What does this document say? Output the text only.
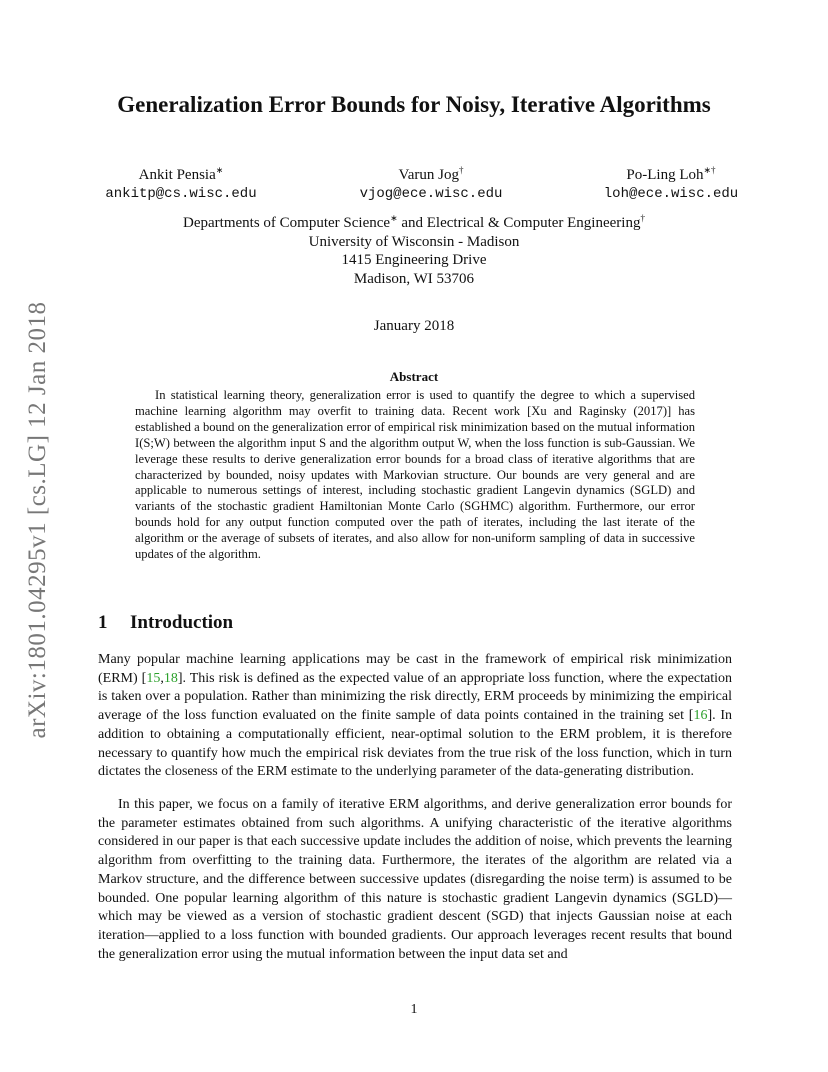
arXiv:1801.04295v1 [cs.LG] 12 Jan 2018
Generalization Error Bounds for Noisy, Iterative Algorithms
Ankit Pensia∗
ankitp@cs.wisc.edu
Varun Jog†
vjog@ece.wisc.edu
Po-Ling Loh∗†
loh@ece.wisc.edu
Departments of Computer Science∗ and Electrical & Computer Engineering†
University of Wisconsin - Madison
1415 Engineering Drive
Madison, WI 53706
January 2018
Abstract

In statistical learning theory, generalization error is used to quantify the degree to which a supervised machine learning algorithm may overfit to training data. Recent work [Xu and Raginsky (2017)] has established a bound on the generalization error of empirical risk minimization based on the mutual information I(S;W) between the algorithm input S and the algorithm output W, when the loss function is sub-Gaussian. We leverage these results to derive generalization error bounds for a broad class of iterative algorithms that are characterized by bounded, noisy updates with Markovian structure. Our bounds are very general and are applicable to numerous settings of interest, including stochastic gradient Langevin dynamics (SGLD) and variants of the stochastic gradient Hamiltonian Monte Carlo (SGHMC) algorithm. Furthermore, our error bounds hold for any output function computed over the path of iterates, including the last iterate of the algorithm or the average of subsets of iterates, and also allow for non-uniform sampling of data in successive updates of the algorithm.

1 Introduction

Many popular machine learning applications may be cast in the framework of empirical risk minimization (ERM) [15,18]. This risk is defined as the expected value of an appropriate loss function, where the expectation is taken over a population. Rather than minimizing the risk directly, ERM proceeds by minimizing the empirical average of the loss function evaluated on the finite sample of data points contained in the training set [16]. In addition to obtaining a computationally efficient, near-optimal solution to the ERM problem, it is therefore necessary to quantify how much the empirical risk deviates from the true risk of the loss function, which in turn dictates the closeness of the ERM estimate to the underlying parameter of the data-generating distribution.

In this paper, we focus on a family of iterative ERM algorithms, and derive generalization error bounds for the parameter estimates obtained from such algorithms. A unifying characteristic of the iterative algorithms considered in our paper is that each successive update includes the addition of noise, which prevents the learning algorithm from overfitting to the training data. Furthermore, the iterates of the algorithm are related via a Markov structure, and the difference between successive updates (disregarding the noise term) is assumed to be bounded. One popular learning algorithm of this nature is stochastic gradient Langevin dynamics (SGLD)—which may be viewed as a version of stochastic gradient descent (SGD) that injects Gaussian noise at each iteration—applied to a loss function with bounded gradients. Our approach leverages recent results that bound the generalization error using the mutual information between the input data set and

1
